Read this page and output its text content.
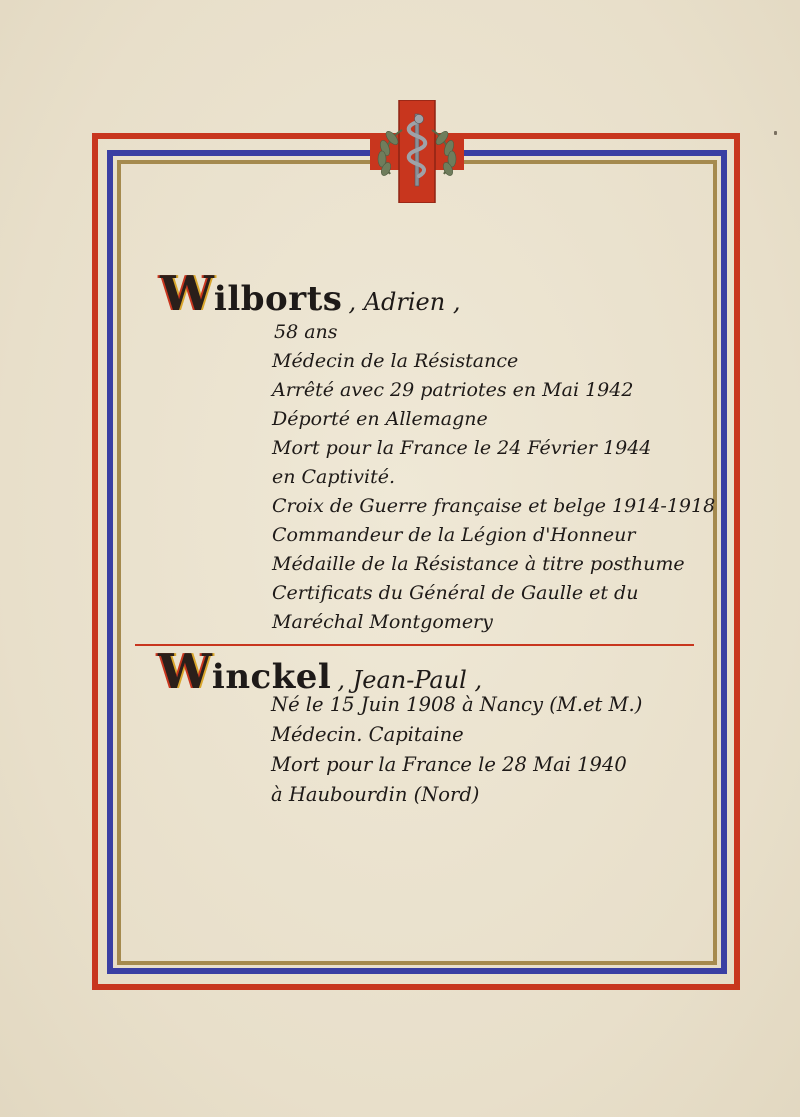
W ilborts , Adrien ,
58 ans
Médecin de la Résistance
Arrêté avec 29 patriotes en Mai 1942
Déporté en Allemagne
Mort pour la France le 24 Février 1944
en Captivité.
Croix de Guerre française et belge 1914-1918
Commandeur de la Légion d'Honneur
Médaille de la Résistance à titre posthume
Certificats du Général de Gaulle et du
Maréchal Montgomery
W inckel , Jean-Paul ,
Né le 15 Juin 1908 à Nancy (M.et M.)
Médecin. Capitaine
Mort pour la France le 28 Mai 1940
à Haubourdin (Nord)
